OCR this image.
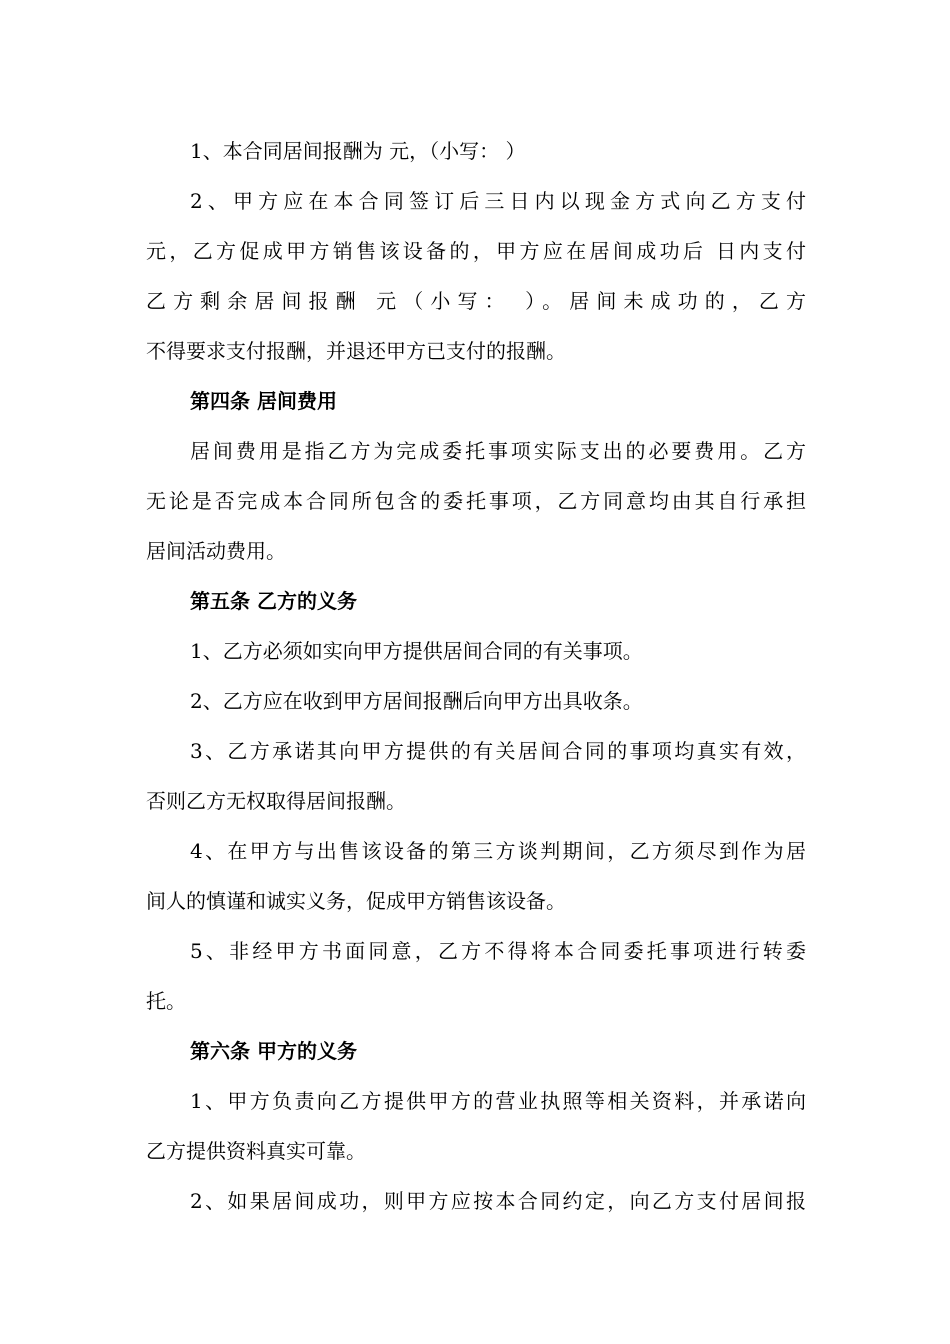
1、本合同居间报酬为 元，（小写： ）
2、甲方应在本合同签订后三日内以现金方式向乙方支付
元，乙方促成甲方销售该设备的，甲方应在居间成功后 日内支付
乙方剩余居间报酬 元（小写： ）。居间未成功的，乙方
不得要求支付报酬，并退还甲方已支付的报酬。
第四条 居间费用
居间费用是指乙方为完成委托事项实际支出的必要费用。乙方
无论是否完成本合同所包含的委托事项，乙方同意均由其自行承担
居间活动费用。
第五条 乙方的义务
1、乙方必须如实向甲方提供居间合同的有关事项。
2、乙方应在收到甲方居间报酬后向甲方出具收条。
3、乙方承诺其向甲方提供的有关居间合同的事项均真实有效，
否则乙方无权取得居间报酬。
4、在甲方与出售该设备的第三方谈判期间，乙方须尽到作为居
间人的慎谨和诚实义务，促成甲方销售该设备。
5、非经甲方书面同意，乙方不得将本合同委托事项进行转委
托。
第六条 甲方的义务
1、甲方负责向乙方提供甲方的营业执照等相关资料，并承诺向
乙方提供资料真实可靠。
2、如果居间成功，则甲方应按本合同约定，向乙方支付居间报
